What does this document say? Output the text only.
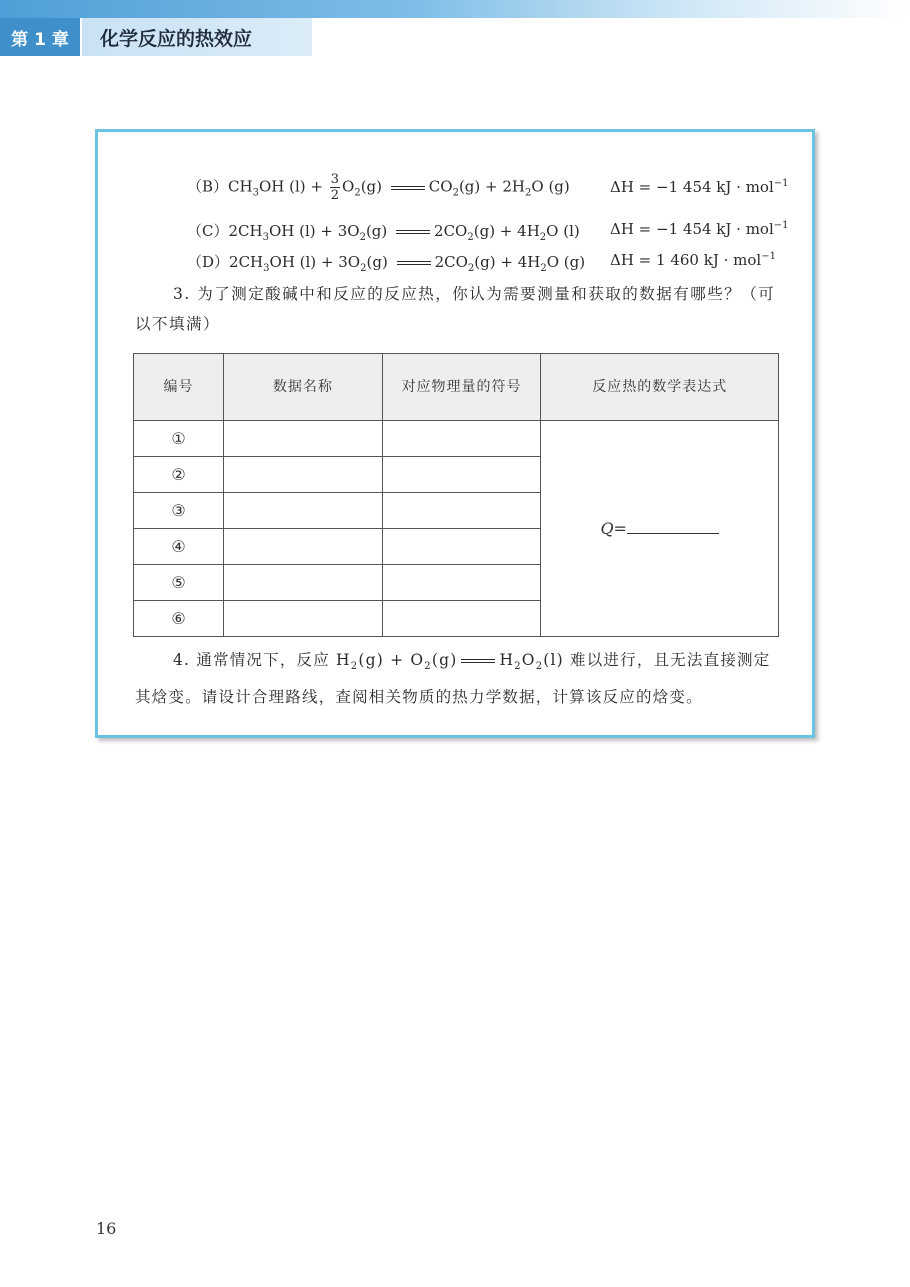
第 1 章	化学反应的热效应
$(B)CH_3OH$ $(l) + \frac{3}{2} O_2(g)$	$CO_2(g) + 2H_2O$ (g)	ΔH = −1 454 kJ · mol$^{-1}$
$(C)2CH_3OH$ $(l) + 3O_2(g)$	$2CO_2(g) + 4H_2O$ (l) ΔH = −1 454 kJ · mol$^{-1}$
$(D)2CH_3OH$ $(l) + 3O_2(g)$	$2CO_2(g) + 4H_2O$ (g) ΔH = 1 460 kJ · mol$^{-1}$
3. 为了测定酸碱中和反应的反应热，你认为需要测量和获取的数据有哪些？（可以不填满）
编号	数据名称	对应物理量的符号	反应热的数学表达式
①			Q=
②			
③			
④			
⑤			
⑥			
4. 通常情况下，反应 $H_2(g) + O_2(g)$	$H_2O_2(l)$ 难以进行，且无法直接测定其焓变。请设计合理路线，查阅相关物质的热力学数据，计算该反应的焓变。
16
